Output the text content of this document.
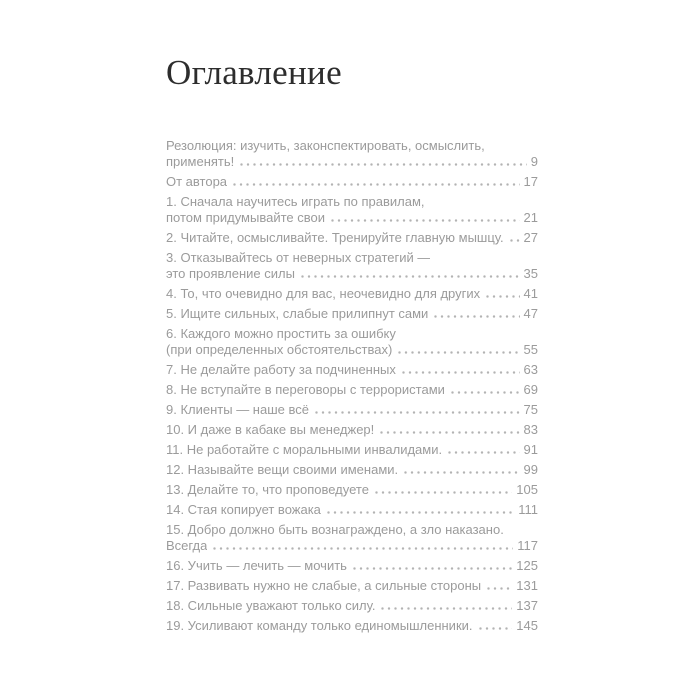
Оглавление
Резолюция: изучить, законспектировать, осмыслить,
применять!	9
От автора	17
1. Сначала научитесь играть по правилам,
потом придумывайте свои	21
2. Читайте, осмысливайте. Тренируйте главную мышцу. 27
3. Отказывайтесь от неверных стратегий —
это проявление силы	35
4. То, что очевидно для вас, неочевидно для других	41
5. Ищите сильных, слабые прилипнут сами	47
6. Каждого можно простить за ошибку
(при определенных обстоятельствах)	55
7. Не делайте работу за подчиненных	63
8. Не вступайте в переговоры с террористами	69
9. Клиенты — наше всё	75
10. И даже в кабаке вы менеджер!	83
11. Не работайте с моральными инвалидами.	91
12. Называйте вещи своими именами.	99
13. Делайте то, что проповедуете	105
14. Стая копирует вожака	111
15. Добро должно быть вознаграждено, а зло наказано.
Всегда	117
16. Учить — лечить — мочить	125
17. Развивать нужно не слабые, а сильные стороны	131
18. Сильные уважают только силу.	137
19. Усиливают команду только единомышленники.	145
